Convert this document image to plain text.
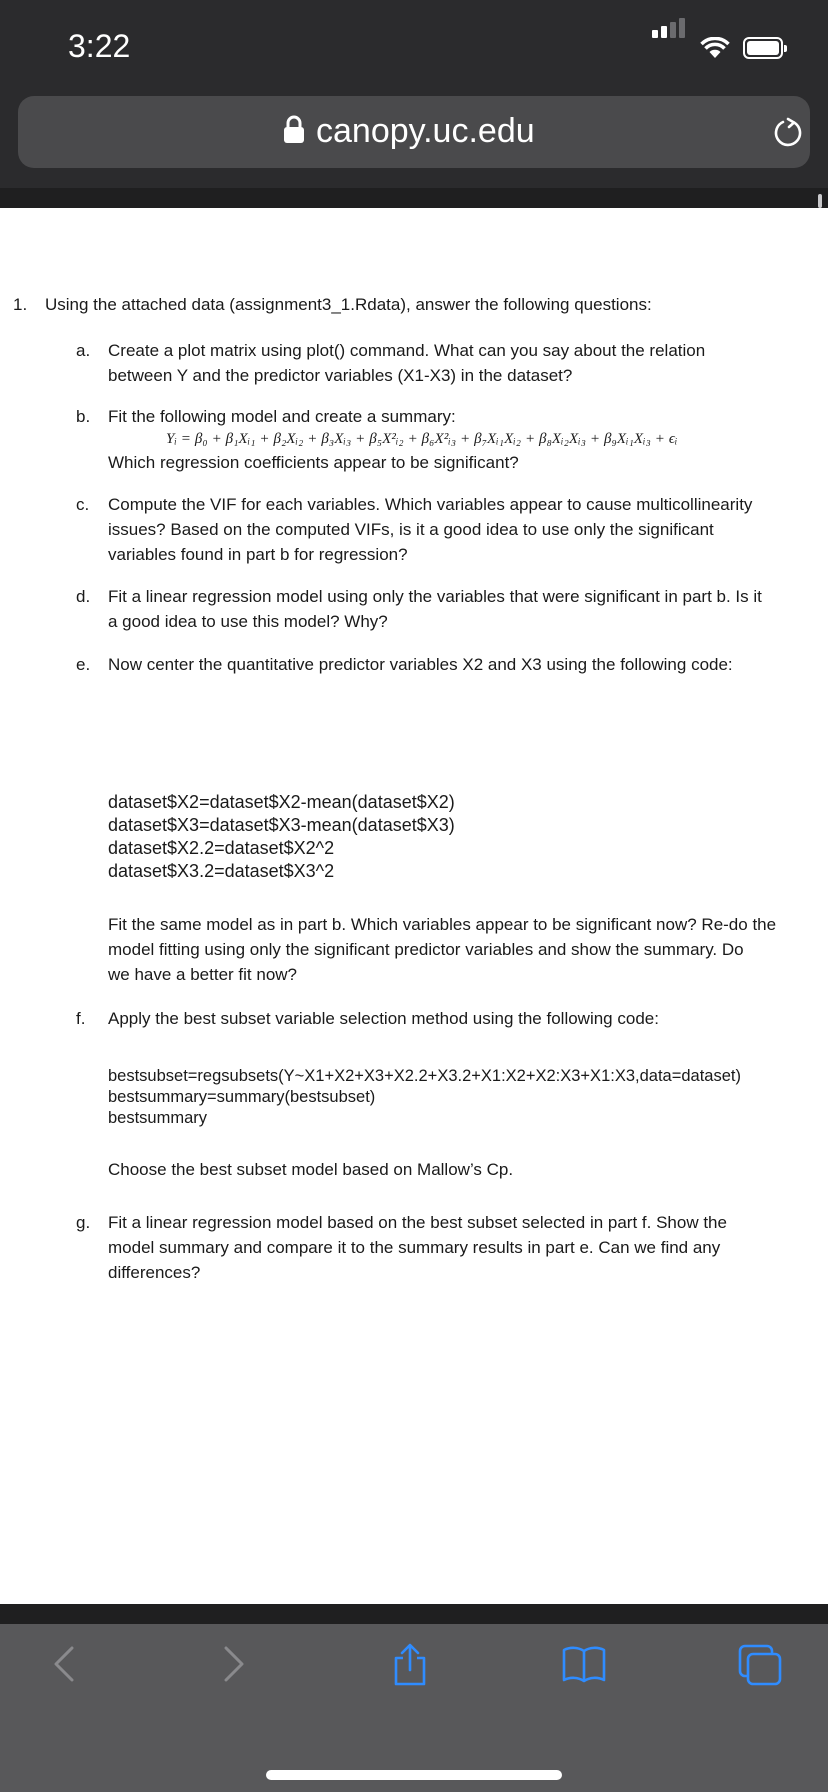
3:22
canopy.uc.edu
1. Using the attached data (assignment3_1.Rdata), answer the following questions:
a. Create a plot matrix using plot() command. What can you say about the relation
between Y and the predictor variables (X1-X3) in the dataset?
b. Fit the following model and create a summary:
Yᵢ = β₀ + β₁Xᵢ₁ + β₂Xᵢ₂ + β₃Xᵢ₃ + β₅X²ᵢ₂ + β₆X²ᵢ₃ + β₇Xᵢ₁Xᵢ₂ + β₈Xᵢ₂Xᵢ₃ + β₉Xᵢ₁Xᵢ₃ + ϵᵢ
Which regression coefficients appear to be significant?
c. Compute the VIF for each variables. Which variables appear to cause multicollinearity
issues? Based on the computed VIFs, is it a good idea to use only the significant
variables found in part b for regression?
d. Fit a linear regression model using only the variables that were significant in part b. Is it
a good idea to use this model? Why?
e. Now center the quantitative predictor variables X2 and X3 using the following code:
dataset$X2=dataset$X2-mean(dataset$X2)
dataset$X3=dataset$X3-mean(dataset$X3)
dataset$X2.2=dataset$X2^2
dataset$X3.2=dataset$X3^2
Fit the same model as in part b. Which variables appear to be significant now? Re-do the
model fitting using only the significant predictor variables and show the summary. Do
we have a better fit now?
f. Apply the best subset variable selection method using the following code:
bestsubset=regsubsets(Y~X1+X2+X3+X2.2+X3.2+X1:X2+X2:X3+X1:X3,data=dataset)
bestsummary=summary(bestsubset)
bestsummary
Choose the best subset model based on Mallow’s Cp.
g. Fit a linear regression model based on the best subset selected in part f. Show the
model summary and compare it to the summary results in part e. Can we find any
differences?
